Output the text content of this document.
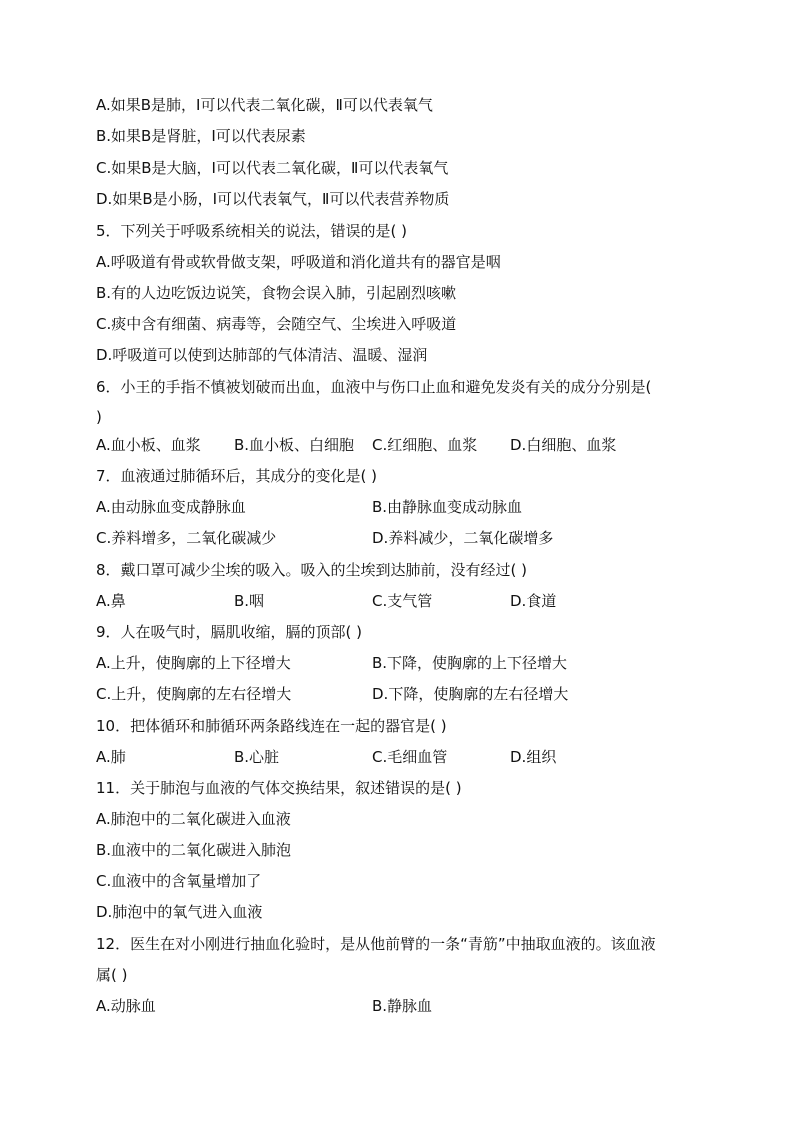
A.如果B是肺，Ⅰ可以代表二氧化碳，Ⅱ可以代表氧气
B.如果B是肾脏，Ⅰ可以代表尿素
C.如果B是大脑，Ⅰ可以代表二氧化碳，Ⅱ可以代表氧气
D.如果B是小肠，Ⅰ可以代表氧气，Ⅱ可以代表营养物质
5．下列关于呼吸系统相关的说法，错误的是( )
A.呼吸道有骨或软骨做支架，呼吸道和消化道共有的器官是咽
B.有的人边吃饭边说笑，食物会误入肺，引起剧烈咳嗽
C.痰中含有细菌、病毒等，会随空气、尘埃进入呼吸道
D.呼吸道可以使到达肺部的气体清洁、温暖、湿润
6．小王的手指不慎被划破而出血，血液中与伤口止血和避免发炎有关的成分分别是(
)
A.血小板、血浆 B.血小板、白细胞 C.红细胞、血浆 D.白细胞、血浆
7．血液通过肺循环后，其成分的变化是( )
A.由动脉血变成静脉血	B.由静脉血变成动脉血
C.养料增多，二氧化碳减少	D.养料减少，二氧化碳增多
8．戴口罩可减少尘埃的吸入。吸入的尘埃到达肺前，没有经过( )
A.鼻	B.咽	C.支气管	D.食道
9．人在吸气时，膈肌收缩，膈的顶部( )
A.上升，使胸廓的上下径增大	B.下降，使胸廓的上下径增大
C.上升，使胸廓的左右径增大	D.下降，使胸廓的左右径增大
10．把体循环和肺循环两条路线连在一起的器官是( )
A.肺	B.心脏	C.毛细血管	D.组织
11．关于肺泡与血液的气体交换结果，叙述错误的是( )
A.肺泡中的二氧化碳进入血液
B.血液中的二氧化碳进入肺泡
C.血液中的含氧量增加了
D.肺泡中的氧气进入血液
12．医生在对小刚进行抽血化验时，是从他前臂的一条“青筋”中抽取血液的。该血液
属( )
A.动脉血	B.静脉血
